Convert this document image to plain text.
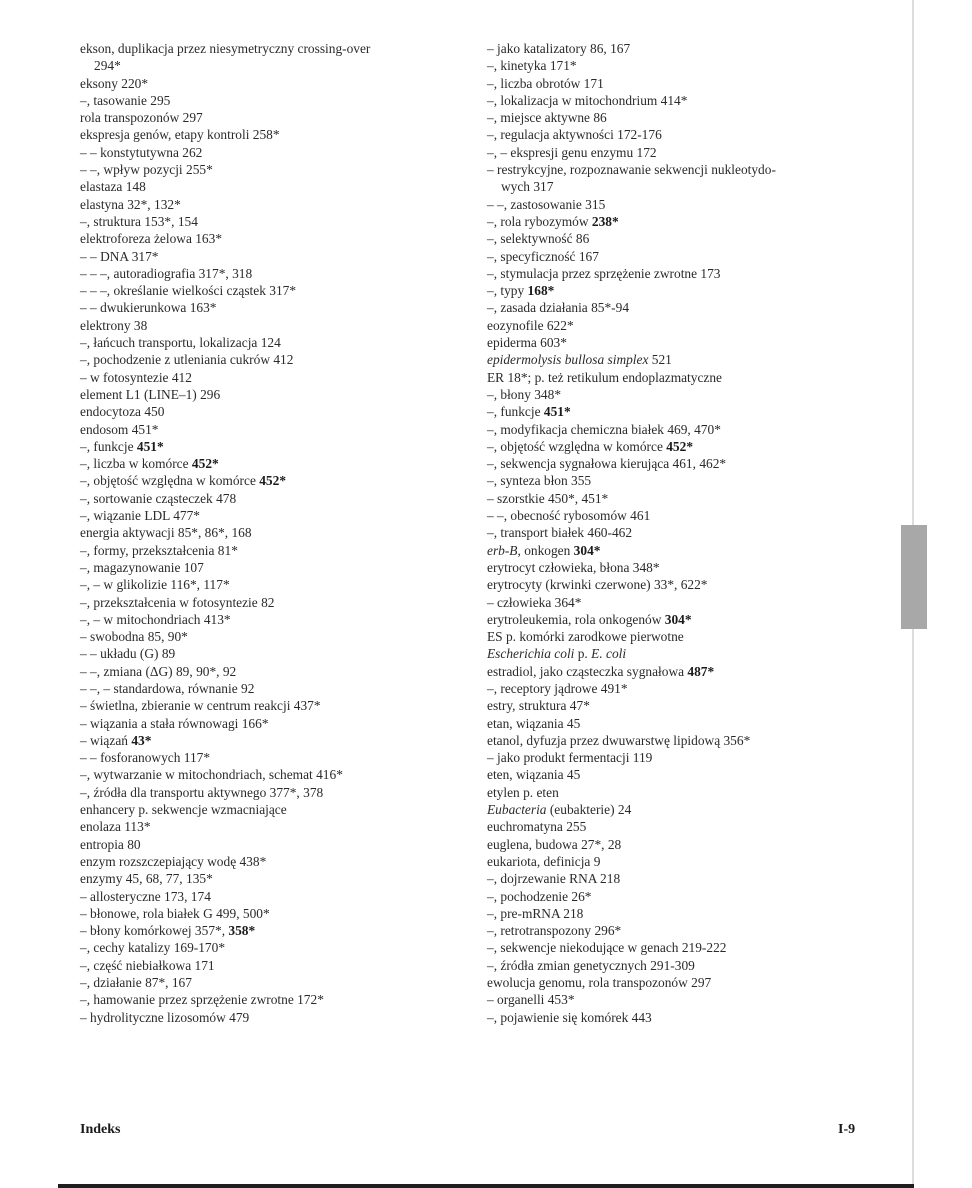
ekson, duplikacja przez niesymetryczny crossing-over
294*
eksony 220*
–, tasowanie 295
rola transpozonów 297
ekspresja genów, etapy kontroli 258*
– – konstytutywna 262
– –, wpływ pozycji 255*
elastaza 148
elastyna 32*, 132*
–, struktura 153*, 154
elektroforeza żelowa 163*
– – DNA 317*
– – –, autoradiografia 317*, 318
– – –, określanie wielkości cząstek 317*
– – dwukierunkowa 163*
elektrony 38
–, łańcuch transportu, lokalizacja 124
–, pochodzenie z utleniania cukrów 412
– w fotosyntezie 412
element L1 (LINE–1) 296
endocytoza 450
endosom 451*
–, funkcje 451*
–, liczba w komórce 452*
–, objętość względna w komórce 452*
–, sortowanie cząsteczek 478
–, wiązanie LDL 477*
energia aktywacji 85*, 86*, 168
–, formy, przekształcenia 81*
–, magazynowanie 107
–, – w glikolizie 116*, 117*
–, przekształcenia w fotosyntezie 82
–, – w mitochondriach 413*
– swobodna 85, 90*
– – układu (G) 89
– –, zmiana (ΔG) 89, 90*, 92
– –, – standardowa, równanie 92
– świetlna, zbieranie w centrum reakcji 437*
– wiązania a stała równowagi 166*
– wiązań 43*
– – fosforanowych 117*
–, wytwarzanie w mitochondriach, schemat 416*
–, źródła dla transportu aktywnego 377*, 378
enhancery p. sekwencje wzmacniające
enolaza 113*
entropia 80
enzym rozszczepiający wodę 438*
enzymy 45, 68, 77, 135*
– allosteryczne 173, 174
– błonowe, rola białek G 499, 500*
– błony komórkowej 357*, 358*
–, cechy katalizy 169-170*
–, część niebiałkowa 171
–, działanie 87*, 167
–, hamowanie przez sprzężenie zwrotne 172*
– hydrolityczne lizosomów 479
– jako katalizatory 86, 167
–, kinetyka 171*
–, liczba obrotów 171
–, lokalizacja w mitochondrium 414*
–, miejsce aktywne 86
–, regulacja aktywności 172-176
–, – ekspresji genu enzymu 172
– restrykcyjne, rozpoznawanie sekwencji nukleotydo-
wych 317
– –, zastosowanie 315
–, rola rybozymów 238*
–, selektywność 86
–, specyficzność 167
–, stymulacja przez sprzężenie zwrotne 173
–, typy 168*
–, zasada działania 85*-94
eozynofile 622*
epiderma 603*
epidermolysis bullosa simplex 521
ER 18*; p. też retikulum endoplazmatyczne
–, błony 348*
–, funkcje 451*
–, modyfikacja chemiczna białek 469, 470*
–, objętość względna w komórce 452*
–, sekwencja sygnałowa kierująca 461, 462*
–, synteza błon 355
– szorstkie 450*, 451*
– –, obecność rybosomów 461
–, transport białek 460-462
erb-B, onkogen 304*
erytrocyt człowieka, błona 348*
erytrocyty (krwinki czerwone) 33*, 622*
– człowieka 364*
erytroleukemia, rola onkogenów 304*
ES p. komórki zarodkowe pierwotne
Escherichia coli p. E. coli
estradiol, jako cząsteczka sygnałowa 487*
–, receptory jądrowe 491*
estry, struktura 47*
etan, wiązania 45
etanol, dyfuzja przez dwuwarstwę lipidową 356*
– jako produkt fermentacji 119
eten, wiązania 45
etylen p. eten
Eubacteria (eubakterie) 24
euchromatyna 255
euglena, budowa 27*, 28
eukariota, definicja 9
–, dojrzewanie RNA 218
–, pochodzenie 26*
–, pre-mRNA 218
–, retrotranspozony 296*
–, sekwencje niekodujące w genach 219-222
–, źródła zmian genetycznych 291-309
ewolucja genomu, rola transpozonów 297
– organelli 453*
–, pojawienie się komórek 443
Indeks	I-9
